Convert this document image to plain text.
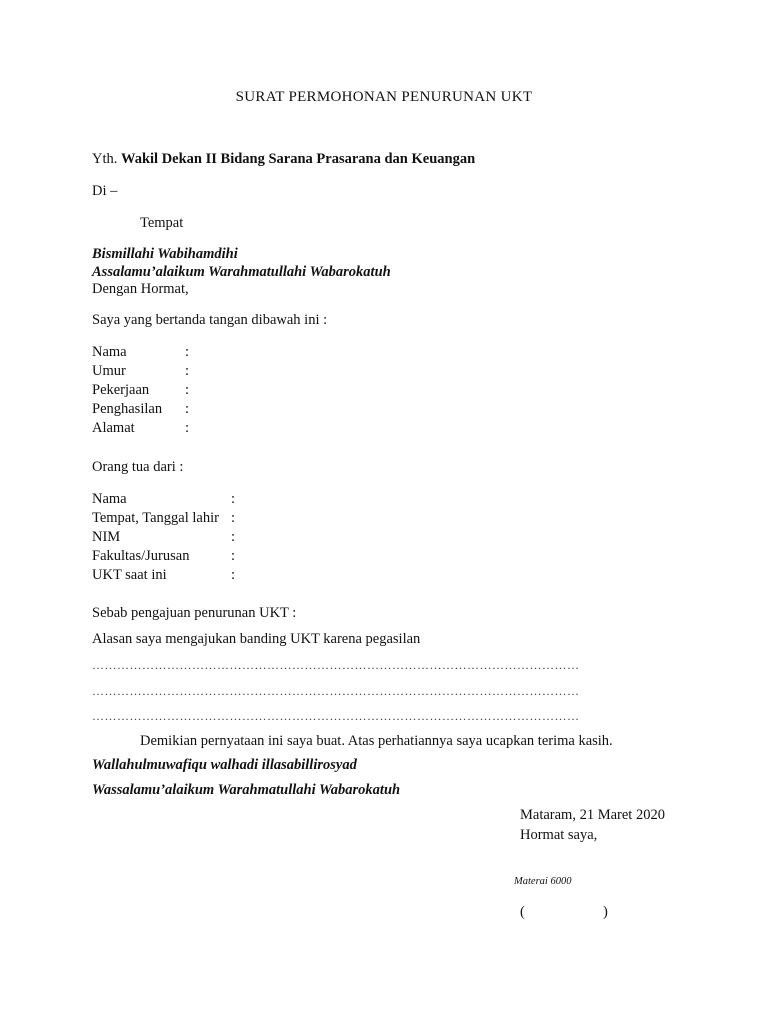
SURAT PERMOHONAN PENURUNAN UKT
Yth. Wakil Dekan II Bidang Sarana Prasarana dan Keuangan
Di –
Tempat
Bismillahi Wabihamdihi
Assalamu’alaikum Warahmatullahi Wabarokatuh
Dengan Hormat,
Saya yang bertanda tangan dibawah ini :
Nama	:
Umur	:
Pekerjaan :
Penghasilan :
Alamat	:
Orang tua dari :
Nama	:
Tempat, Tanggal lahir :
NIM	:
Fakultas/Jurusan	:
UKT saat ini	:
Sebab pengajuan penurunan UKT :
Alasan saya mengajukan banding UKT karena pegasilan
………………………………………………………………………………………………………
………………………………………………………………………………………………………
………………………………………………………………………………………………………
Demikian pernyataan ini saya buat. Atas perhatiannya saya ucapkan terima kasih.
Wallahulmuwafiqu walhadi illasabillirosyad
Wassalamu’alaikum Warahmatullahi Wabarokatuh
Mataram, 21 Maret 2020
Hormat saya,
Materai 6000
(	)
